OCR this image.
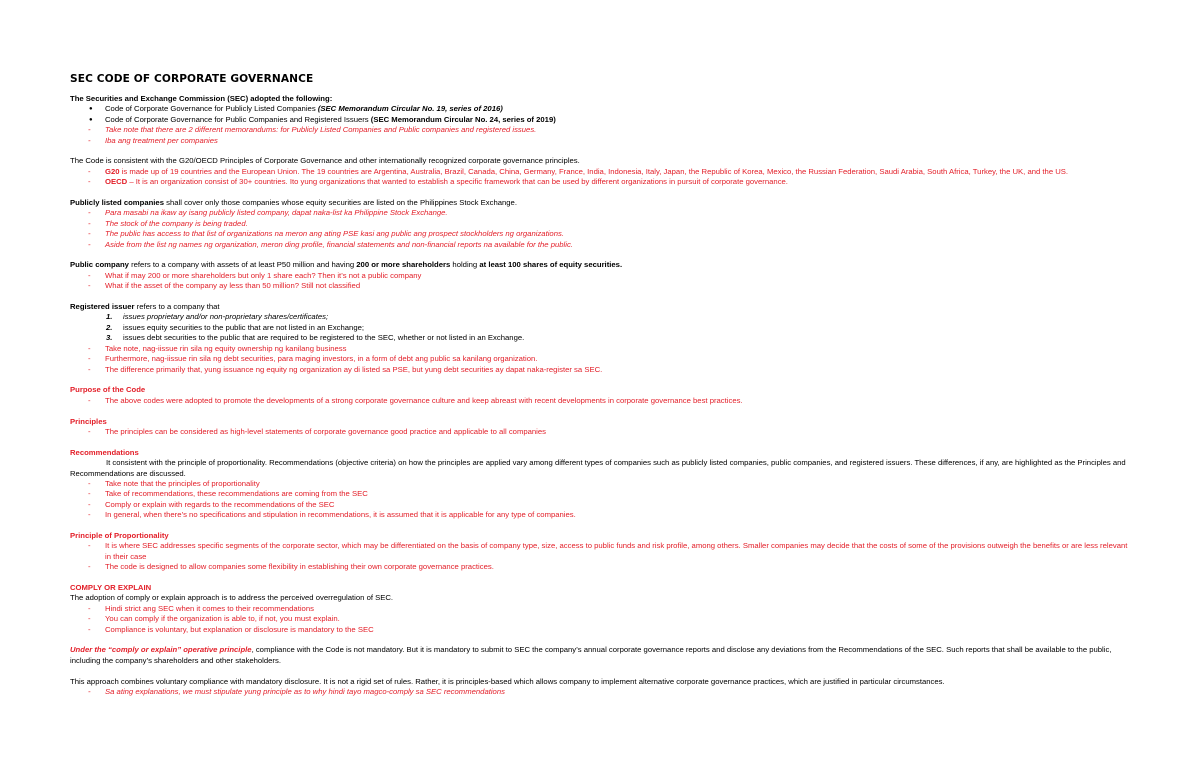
SEC CODE OF CORPORATE GOVERNANCE
The Securities and Exchange Commission (SEC) adopted the following:
●	Code of Corporate Governance for Publicly Listed Companies (SEC Memorandum Circular No. 19, series of 2016)
●	Code of Corporate Governance for Public Companies and Registered Issuers (SEC Memorandum Circular No. 24, series of 2019)
-	Take note that there are 2 different memorandums: for Publicly Listed Companies and Public companies and registered issues.
-	Iba ang treatment per companies
The Code is consistent with the G20/OECD Principles of Corporate Governance and other internationally recognized corporate governance principles.
-	G20 is made up of 19 countries and the European Union. The 19 countries are Argentina, Australia, Brazil, Canada, China, Germany, France, India, Indonesia, Italy, Japan, the Republic of Korea, Mexico, the Russian Federation, Saudi Arabia, South Africa, Turkey, the UK, and the US.
-	OECD – It is an organization consist of 30+ countries. Ito yung organizations that wanted to establish a specific framework that can be used by different organizations in pursuit of corporate governance.
Publicly listed companies shall cover only those companies whose equity securities are listed on the Philippines Stock Exchange.
-	Para masabi na ikaw ay isang publicly listed company, dapat naka-list ka Philippine Stock Exchange.
-	The stock of the company is being traded.
-	The public has access to that list of organizations na meron ang ating PSE kasi ang public ang prospect stockholders ng organizations.
-	Aside from the list ng names ng organization, meron ding profile, financial statements and non-financial reports na available for the public.
Public company refers to a company with assets of at least P50 million and having 200 or more shareholders holding at least 100 shares of equity securities.
-	What if may 200 or more shareholders but only 1 share each? Then it’s not a public company
-	What if the asset of the company ay less than 50 million? Still not classified
Registered issuer refers to a company that
1.	issues proprietary and/or non-proprietary shares/certificates;
2.	issues equity securities to the public that are not listed in an Exchange;
3.	issues debt securities to the public that are required to be registered to the SEC, whether or not listed in an Exchange.
-	Take note, nag-iissue rin sila ng equity ownership ng kanilang business
-	Furthermore, nag-iissue rin sila ng debt securities, para maging investors, in a form of debt ang public sa kanilang organization.
-	The difference primarily that, yung issuance ng equity ng organization ay di listed sa PSE, but yung debt securities ay dapat naka-register sa SEC.
Purpose of the Code
-	The above codes were adopted to promote the developments of a strong corporate governance culture and keep abreast with recent developments in corporate governance best practices.
Principles
-	The principles can be considered as high-level statements of corporate governance good practice and applicable to all companies
Recommendations
It consistent with the principle of proportionality. Recommendations (objective criteria) on how the principles are applied vary among different types of companies such as publicly listed companies, public companies, and registered issuers. These differences, if any, are highlighted as the Principles and Recommendations are discussed.
-	Take note that the principles of proportionality
-	Take of recommendations, these recommendations are coming from the SEC
-	Comply or explain with regards to the recommendations of the SEC
-	In general, when there’s no specifications and stipulation in recommendations, it is assumed that it is applicable for any type of companies.
Principle of Proportionality
-	It is where SEC addresses specific segments of the corporate sector, which may be differentiated on the basis of company type, size, access to public funds and risk profile, among others. Smaller companies may decide that the costs of some of the provisions outweigh the benefits or are less relevant in their case
-	The code is designed to allow companies some flexibility in establishing their own corporate governance practices.
COMPLY OR EXPLAIN
The adoption of comply or explain approach is to address the perceived overregulation of SEC.
-	Hindi strict ang SEC when it comes to their recommendations
-	You can comply if the organization is able to, if not, you must explain.
-	Compliance is voluntary, but explanation or disclosure is mandatory to the SEC
Under the “comply or explain” operative principle, compliance with the Code is not mandatory. But it is mandatory to submit to SEC the company’s annual corporate governance reports and disclose any deviations from the Recommendations of the SEC. Such reports that shall be available to the public, including the company’s shareholders and other stakeholders.
This approach combines voluntary compliance with mandatory disclosure. It is not a rigid set of rules. Rather, it is principles-based which allows company to implement alternative corporate governance practices, which are justified in particular circumstances.
-	Sa ating explanations, we must stipulate yung principle as to why hindi tayo magco-comply sa SEC recommendations
